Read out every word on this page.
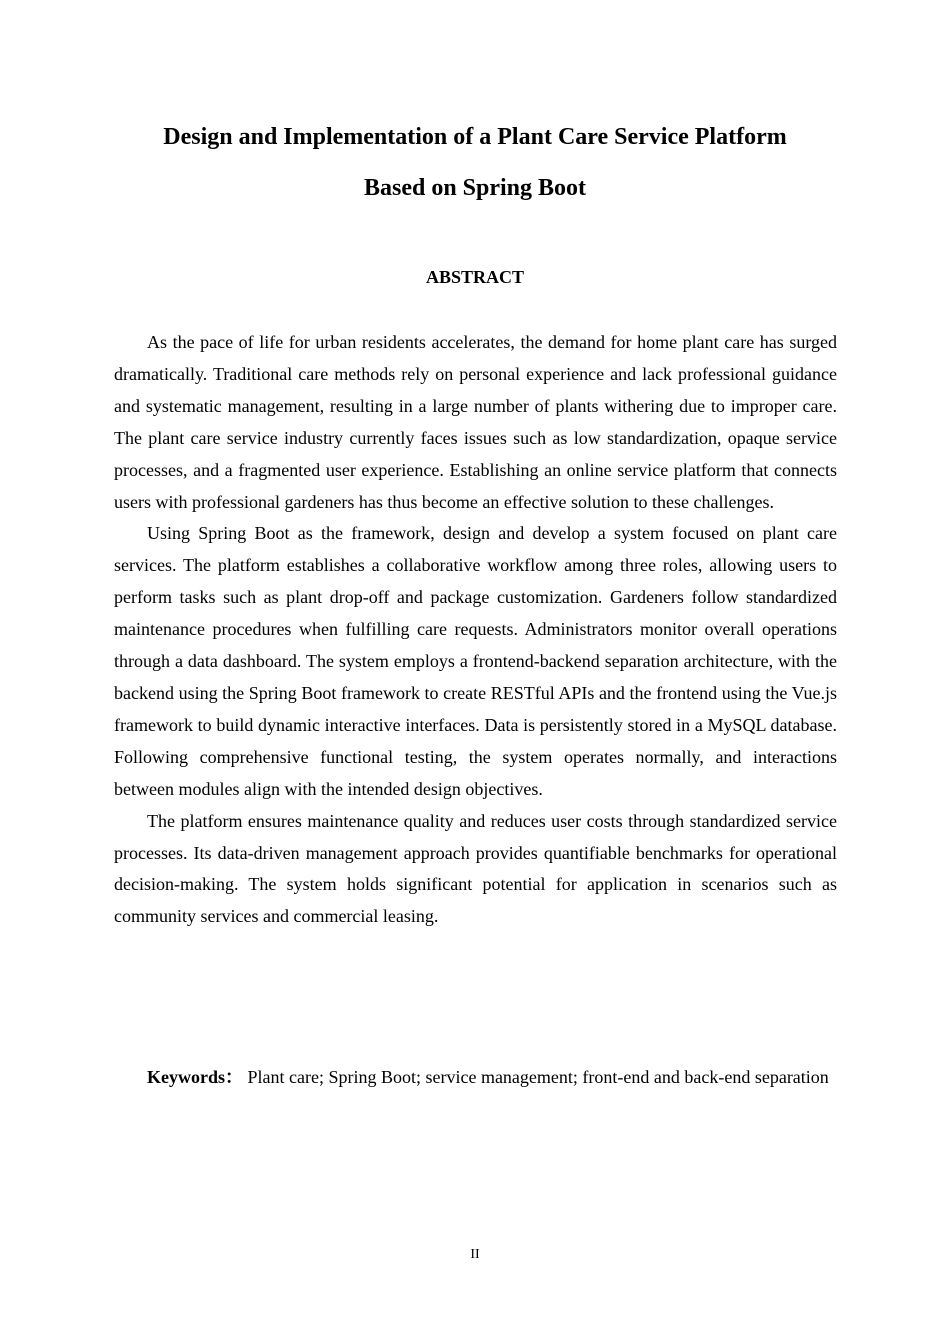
Design and Implementation of a Plant Care Service Platform
Based on Spring Boot
ABSTRACT

As the pace of life for urban residents accelerates, the demand for home plant care has surged dramatically. Traditional care methods rely on personal experience and lack professional guidance and systematic management, resulting in a large number of plants withering due to improper care. The plant care service industry currently faces issues such as low standardization, opaque service processes, and a fragmented user experience. Establishing an online service platform that connects users with professional gardeners has thus become an effective solution to these challenges.

Using Spring Boot as the framework, design and develop a system focused on plant care services. The platform establishes a collaborative workflow among three roles, allowing users to perform tasks such as plant drop-off and package customization. Gardeners follow standardized maintenance procedures when fulfilling care requests. Administrators monitor overall operations through a data dashboard. The system employs a frontend-backend separation architecture, with the backend using the Spring Boot framework to create RESTful APIs and the frontend using the Vue.js framework to build dynamic interactive interfaces. Data is persistently stored in a MySQL database. Following comprehensive functional testing, the system operates normally, and interactions between modules align with the intended design objectives.

The platform ensures maintenance quality and reduces user costs through standardized service processes. Its data-driven management approach provides quantifiable benchmarks for operational decision-making. The system holds significant potential for application in scenarios such as community services and commercial leasing.

Keywords： Plant care; Spring Boot; service management; front-end and back-end separation

II
